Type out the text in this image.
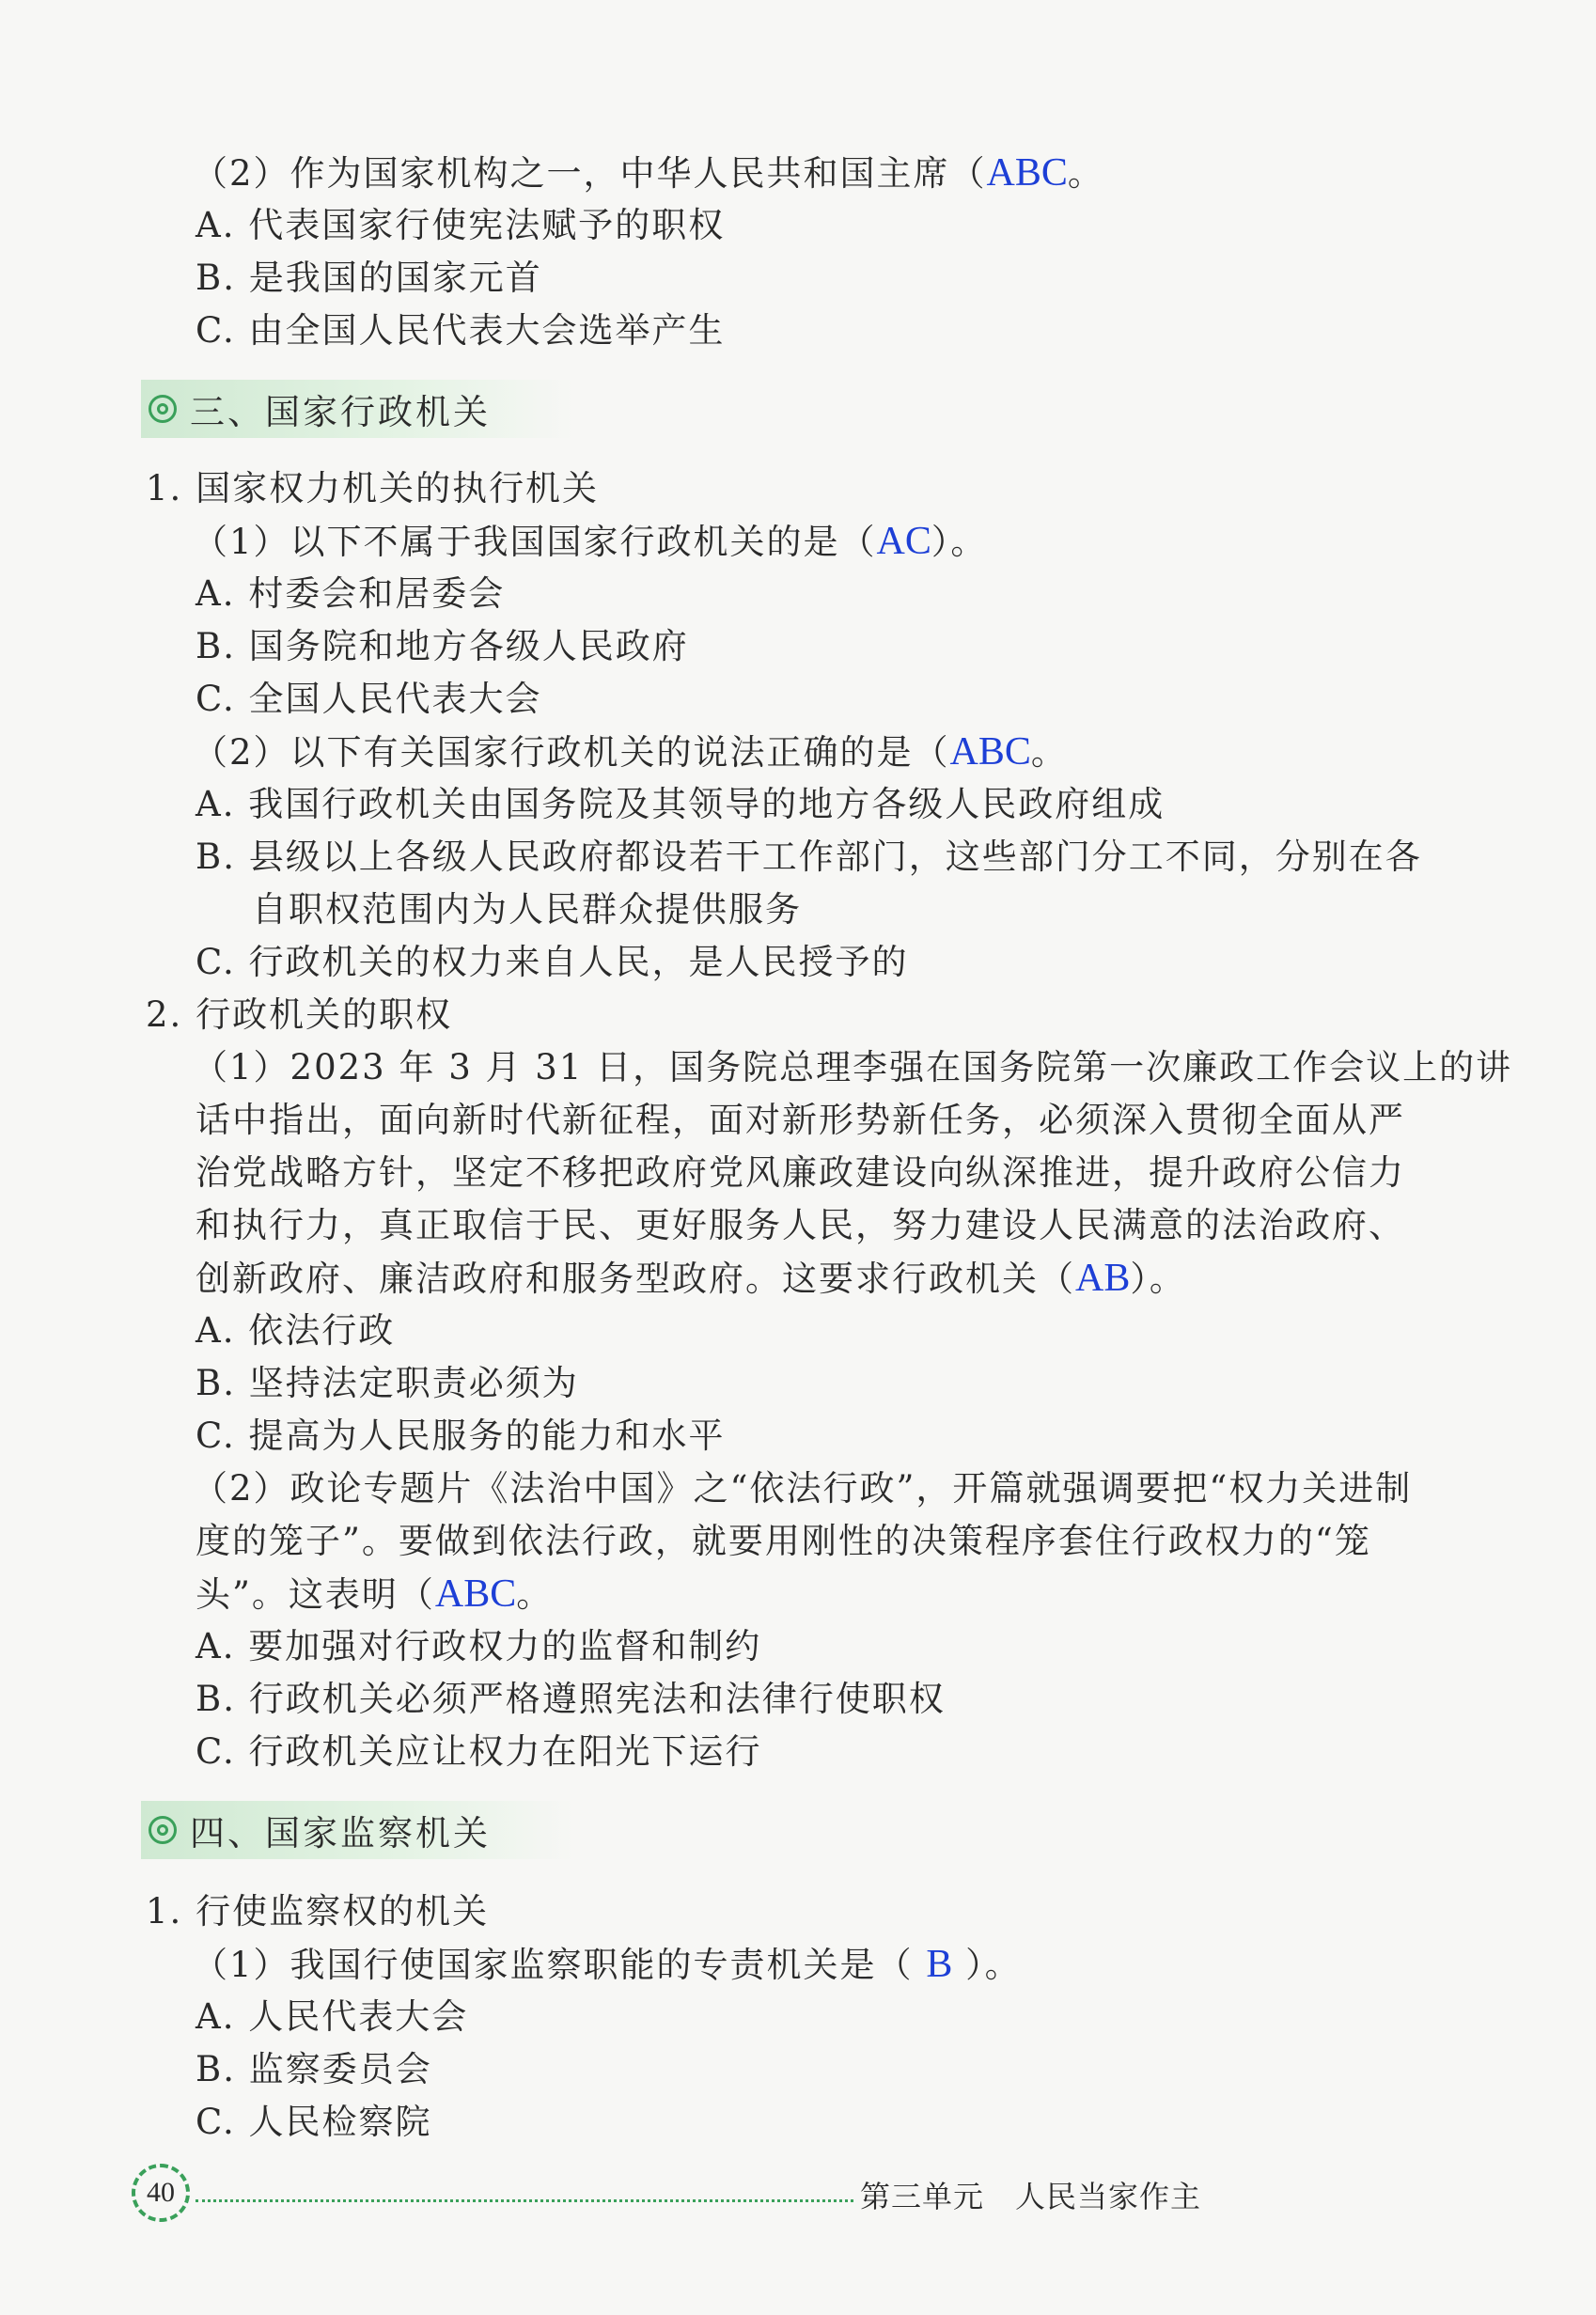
（2）作为国家机构之一，中华人民共和国主席（ABC。
A. 代表国家行使宪法赋予的职权
B. 是我国的国家元首
C. 由全国人民代表大会选举产生
三、国家行政机关
1. 国家权力机关的执行机关
（1）以下不属于我国国家行政机关的是（AC）。
A. 村委会和居委会
B. 国务院和地方各级人民政府
C. 全国人民代表大会
（2）以下有关国家行政机关的说法正确的是（ABC。
A. 我国行政机关由国务院及其领导的地方各级人民政府组成
B. 县级以上各级人民政府都设若干工作部门，这些部门分工不同，分别在各
自职权范围内为人民群众提供服务
C. 行政机关的权力来自人民，是人民授予的
2. 行政机关的职权
（1）2023 年 3 月 31 日，国务院总理李强在国务院第一次廉政工作会议上的讲
话中指出，面向新时代新征程，面对新形势新任务，必须深入贯彻全面从严
治党战略方针，坚定不移把政府党风廉政建设向纵深推进，提升政府公信力
和执行力，真正取信于民、更好服务人民，努力建设人民满意的法治政府、
创新政府、廉洁政府和服务型政府。这要求行政机关（AB）。
A. 依法行政
B. 坚持法定职责必须为
C. 提高为人民服务的能力和水平
（2）政论专题片《法治中国》之“依法行政”，开篇就强调要把“权力关进制
度的笼子”。要做到依法行政，就要用刚性的决策程序套住行政权力的“笼
头”。这表明（ABC。
A. 要加强对行政权力的监督和制约
B. 行政机关必须严格遵照宪法和法律行使职权
C. 行政机关应让权力在阳光下运行
四、国家监察机关
1. 行使监察权的机关
（1）我国行使国家监察职能的专责机关是（ B ）。
A. 人民代表大会
B. 监察委员会
C. 人民检察院
40	第三单元　人民当家作主
